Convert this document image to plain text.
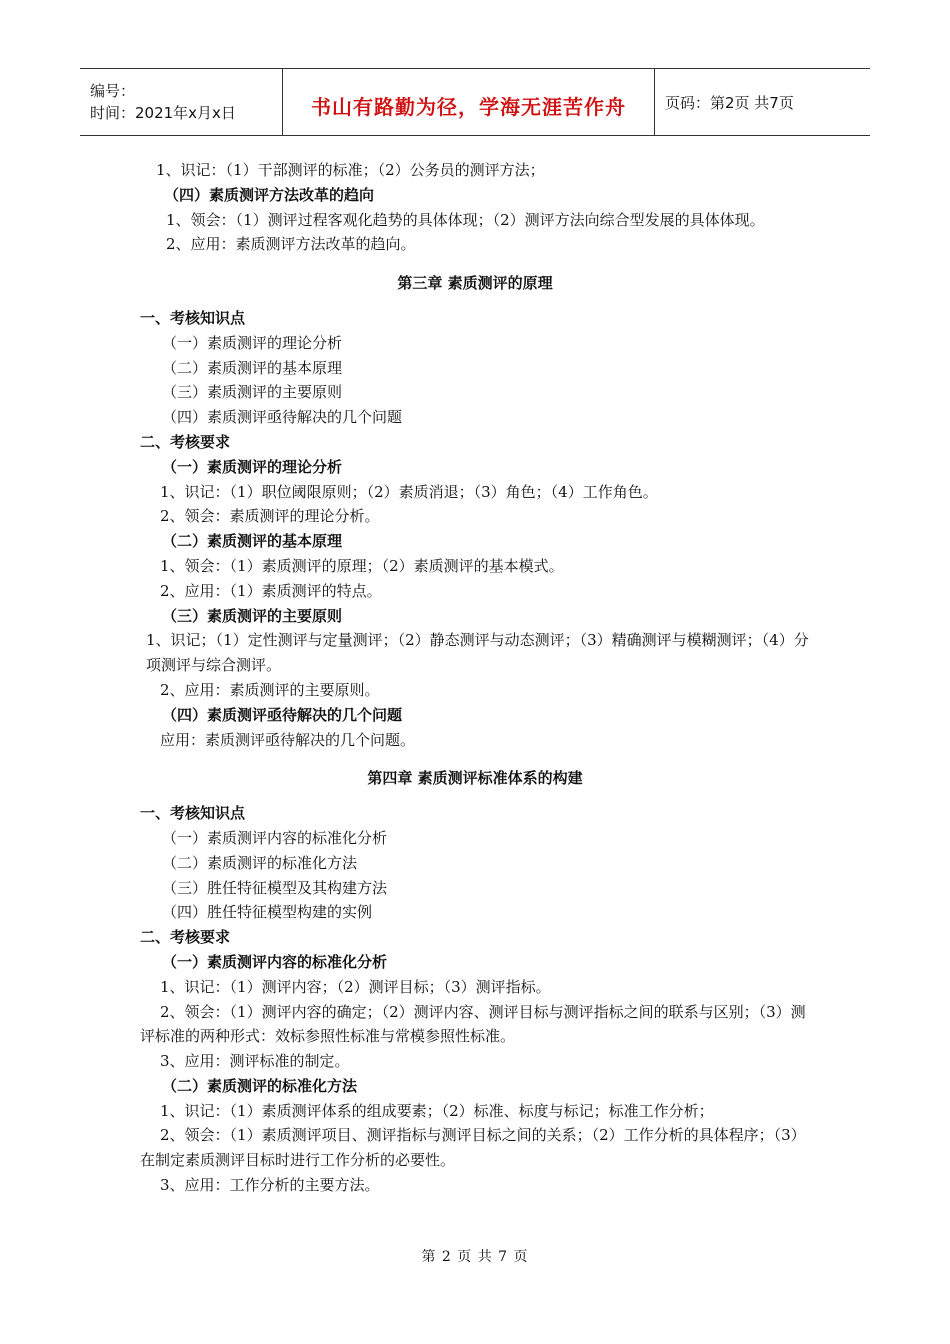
编号：
时间：2021年x月x日	书山有路勤为径，学海无涯苦作舟	页码：第2页 共7页
1、识记：（1）干部测评的标准；（2）公务员的测评方法；
（四）素质测评方法改革的趋向
1、领会：（1）测评过程客观化趋势的具体体现；（2）测评方法向综合型发展的具体体现。
2、应用：素质测评方法改革的趋向。
第三章 素质测评的原理
一、考核知识点
（一）素质测评的理论分析
（二）素质测评的基本原理
（三）素质测评的主要原则
（四）素质测评亟待解决的几个问题
二、考核要求
（一）素质测评的理论分析
1、识记：（1）职位阈限原则；（2）素质消退；（3）角色；（4）工作角色。
2、领会：素质测评的理论分析。
（二）素质测评的基本原理
1、领会：（1）素质测评的原理；（2）素质测评的基本模式。
2、应用：（1）素质测评的特点。
（三）素质测评的主要原则
1、识记；（1）定性测评与定量测评；（2）静态测评与动态测评；（3）精确测评与模糊测评；（4）分项测评与综合测评。
2、应用：素质测评的主要原则。
（四）素质测评亟待解决的几个问题
应用：素质测评亟待解决的几个问题。
第四章 素质测评标准体系的构建
一、考核知识点
（一）素质测评内容的标准化分析
（二）素质测评的标准化方法
（三）胜任特征模型及其构建方法
（四）胜任特征模型构建的实例
二、考核要求
（一）素质测评内容的标准化分析
1、识记：（1）测评内容；（2）测评目标；（3）测评指标。
2、领会：（1）测评内容的确定；（2）测评内容、测评目标与测评指标之间的联系与区别；（3）测评标准的两种形式：效标参照性标准与常模参照性标准。
3、应用：测评标准的制定。
（二）素质测评的标准化方法
1、识记：（1）素质测评体系的组成要素；（2）标准、标度与标记；标准工作分析；
2、领会：（1）素质测评项目、测评指标与测评目标之间的关系；（2）工作分析的具体程序；（3）在制定素质测评目标时进行工作分析的必要性。
3、应用：工作分析的主要方法。
第 2 页 共 7 页
